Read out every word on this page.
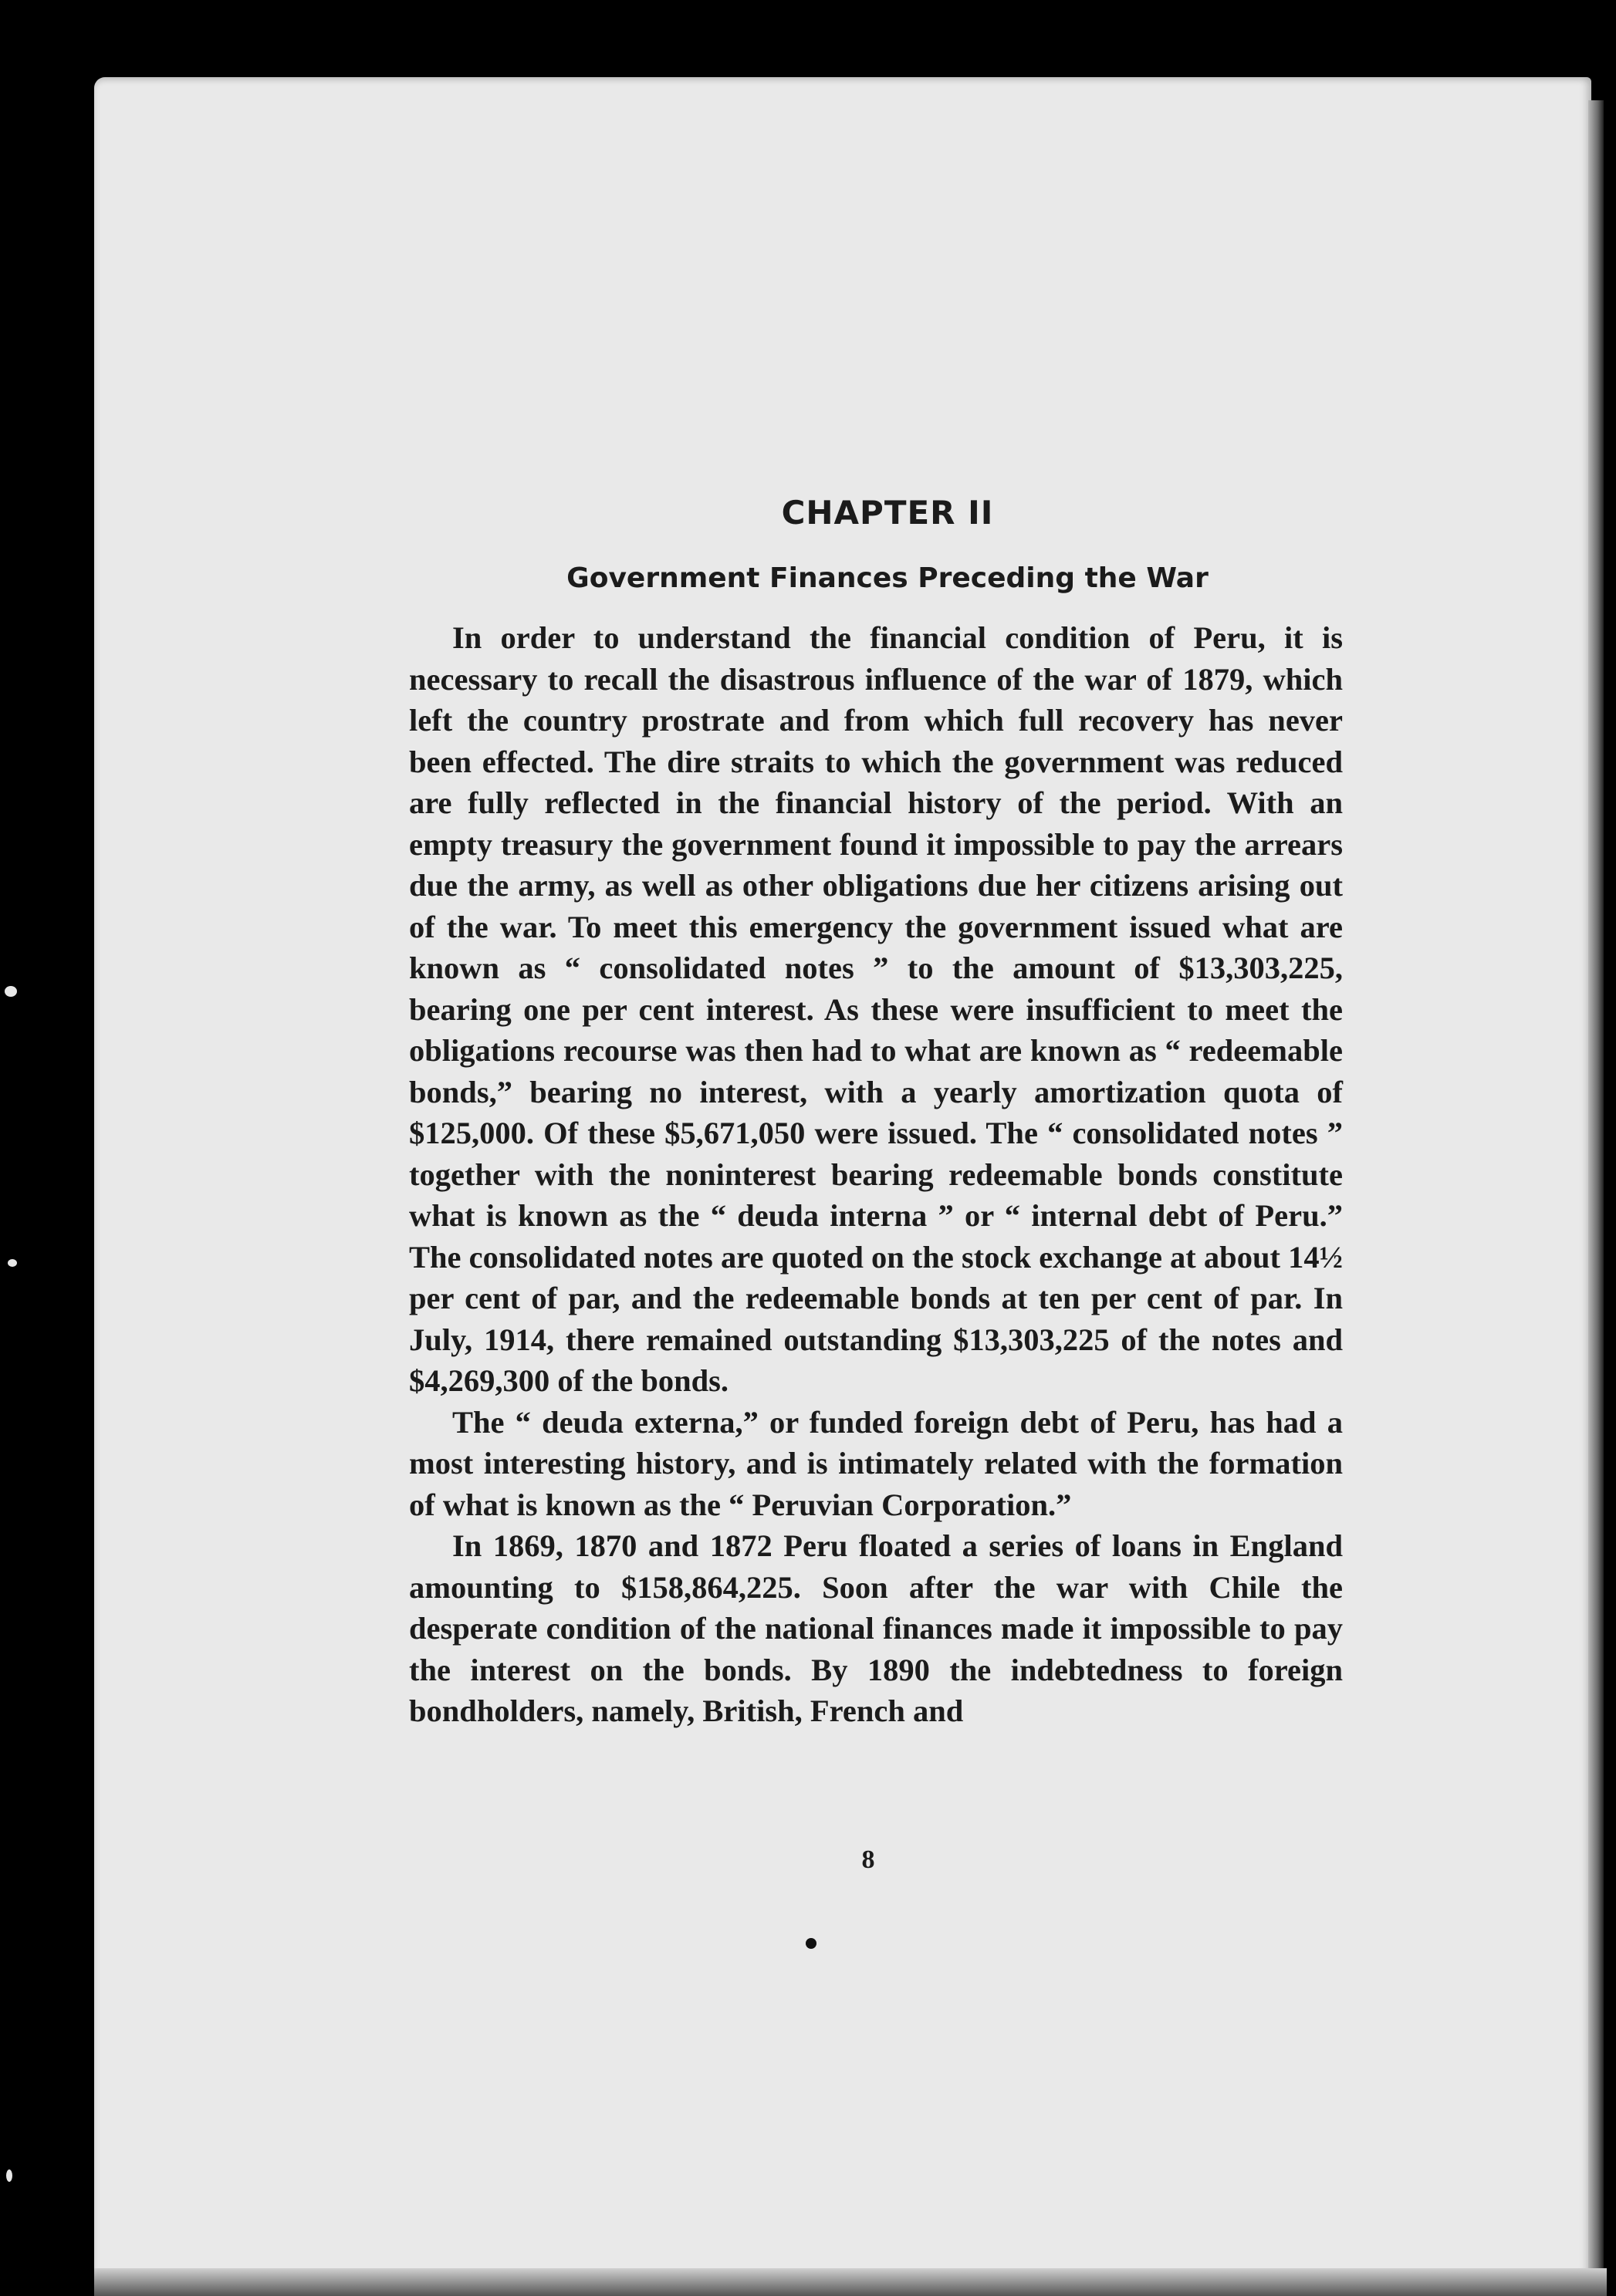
CHAPTER II
Government Finances Preceding the War

In order to understand the financial condition of Peru, it is necessary to recall the disastrous influence of the war of 1879, which left the country prostrate and from which full recovery has never been effected. The dire straits to which the government was reduced are fully reflected in the financial history of the period. With an empty treasury the government found it impossible to pay the arrears due the army, as well as other obligations due her citizens arising out of the war. To meet this emergency the government issued what are known as “ consolidated notes ” to the amount of $13,303,225, bearing one per cent interest. As these were insufficient to meet the obligations recourse was then had to what are known as “ redeemable bonds,” bearing no interest, with a yearly amortization quota of $125,000. Of these $5,671,050 were issued. The “ consolidated notes ” together with the noninterest bearing redeemable bonds constitute what is known as the “ deuda interna ” or “ internal debt of Peru.” The consolidated notes are quoted on the stock exchange at about 14½ per cent of par, and the redeemable bonds at ten per cent of par. In July, 1914, there remained outstanding $13,303,225 of the notes and $4,269,300 of the bonds.

The “ deuda externa,” or funded foreign debt of Peru, has had a most interesting history, and is intimately related with the formation of what is known as the “ Peruvian Corporation.”

In 1869, 1870 and 1872 Peru floated a series of loans in England amounting to $158,864,225. Soon after the war with Chile the desperate condition of the national finances made it impossible to pay the interest on the bonds. By 1890 the indebtedness to foreign bondholders, namely, British, French and

8
